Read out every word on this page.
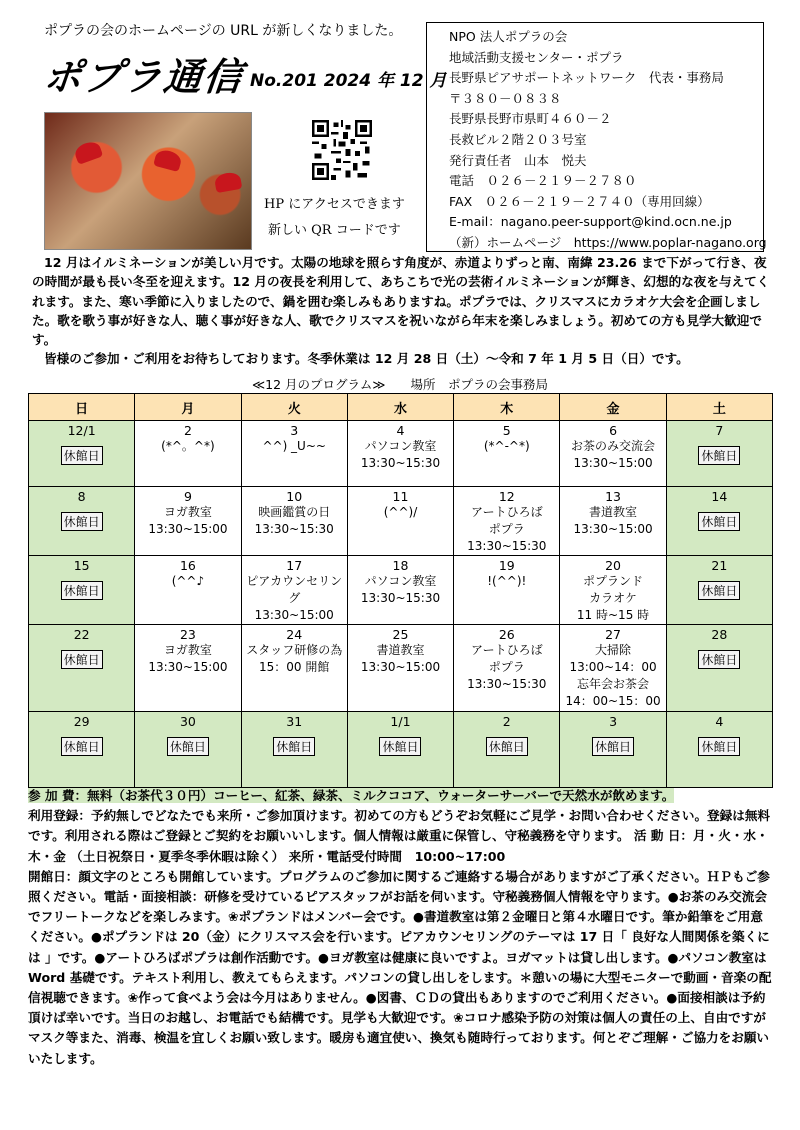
ポプラの会のホームページの URL が新しくなりました。
ポプラ通信 No.201 2024 年 12 月
HP にアクセスできます
新しい QR コードです
NPO 法人ポプラの会
地域活動支援センター・ポプラ
長野県ピアサポートネットワーク　代表・事務局
〒３８０－０８３８
長野県長野市県町４６０－２
長救ビル２階２０３号室
発行責任者　山本　悦夫
電話　０２６－２１９－２７８０
FAX　０２６－２１９－２７４０（専用回線）
E-mail：nagano.peer-support@kind.ocn.ne.jp
（新）ホームページ　https://www.poplar-nagano.org

12 月はイルミネーションが美しい月です。太陽の地球を照らす角度が、赤道よりずっと南、南緯 23.26 まで下がって行き、夜の時間が最も長い冬至を迎えます。12 月の夜長を利用して、あちこちで光の芸術イルミネーションが輝き、幻想的な夜を与えてくれます。また、寒い季節に入りましたので、鍋を囲む楽しみもありますね。ポプラでは、クリスマスにカラオケ大会を企画しました。歌を歌う事が好きな人、聴く事が好きな人、歌でクリスマスを祝いながら年末を楽しみましょう。初めての方も見学大歓迎です。

皆様のご参加・ご利用をお待ちしております。冬季休業は 12 月 28 日（土）～令和 7 年 1 月 5 日（日）です。

≪12 月のプログラム≫　　場所　ポプラの会事務局
日	月	火	水	木	金	土

12/1
休館日	2
(*^。^*)	3
^^) _U~~	4
パソコン教室
13:30~15:30	5
(*^-^*)	6
お茶のみ交流会
13:30~15:00	7
休館日

8
休館日	9
ヨガ教室
13:30~15:00	10
映画鑑賞の日
13:30~15:30	11
(^^)/	12
アートひろば
ポプラ
13:30~15:30	13
書道教室
13:30~15:00	14
休館日

15
休館日	16
(^^♪	17
ピアカウンセリング
13:30~15:00	18
パソコン教室
13:30~15:30	19
!(^^)!	20
ポプランド
カラオケ
11 時~15 時	21
休館日

22
休館日	23
ヨガ教室
13:30~15:00	24
スタッフ研修の為
15：00 開館	25
書道教室
13:30~15:00	26
アートひろば
ポプラ
13:30~15:30	27
大掃除
13:00~14：00
忘年会お茶会
14：00~15：00	28
休館日

29
休館日	30
休館日	31
休館日	1/1
休館日	2
休館日	3
休館日	4
休館日

参 加 費：無料（お茶代３０円）コーヒー、紅茶、緑茶、ミルクココア、ウォーターサーバーで天然水が飲めます。

利用登録：予約無しでどなたでも来所・ご参加頂けます。初めての方もどうぞお気軽にご見学・お問い合わせください。登録は無料です。利用される際はご登録とご契約をお願いいします。個人情報は厳重に保管し、守秘義務を守ります。 活 動 日：月・火・水・木・金 （土日祝祭日・夏季冬季休暇は除く） 来所・電話受付時間　10:00~17:00

開館日：顔文字のところも開館しています。プログラムのご参加に関するご連絡する場合がありますがご了承ください。ＨＰもご参照ください。電話・面接相談：研修を受けているピアスタッフがお話を伺います。守秘義務個人情報を守ります。●お茶のみ交流会でフリートークなどを楽しみます。❀ポプランドはメンバー会です。●書道教室は第２金曜日と第４水曜日です。筆か鉛筆をご用意ください。●ポプランドは 20（金）にクリスマス会を行います。ピアカウンセリングのテーマは 17 日「 良好な人間関係を築くには 」です。●アートひろばポプラは創作活動です。●ヨガ教室は健康に良いですよ。ヨガマットは貸し出します。●パソコン教室は Word 基礎です。テキスト利用し、教えてもらえます。パソコンの貸し出しをします。＊憩いの場に大型モニターで動画・音楽の配信視聴できます。❀作って食べよう会は今月はありません。●図書、ＣＤの貸出もありますのでご利用ください。●面接相談は予約頂けば幸いです。当日のお越し、お電話でも結構です。見学も大歓迎です。❀コロナ感染予防の対策は個人の責任の上、自由ですがマスク等また、消毒、検温を宜しくお願い致します。暖房も適宜使い、換気も随時行っております。何とぞご理解・ご協力をお願いいたします。
